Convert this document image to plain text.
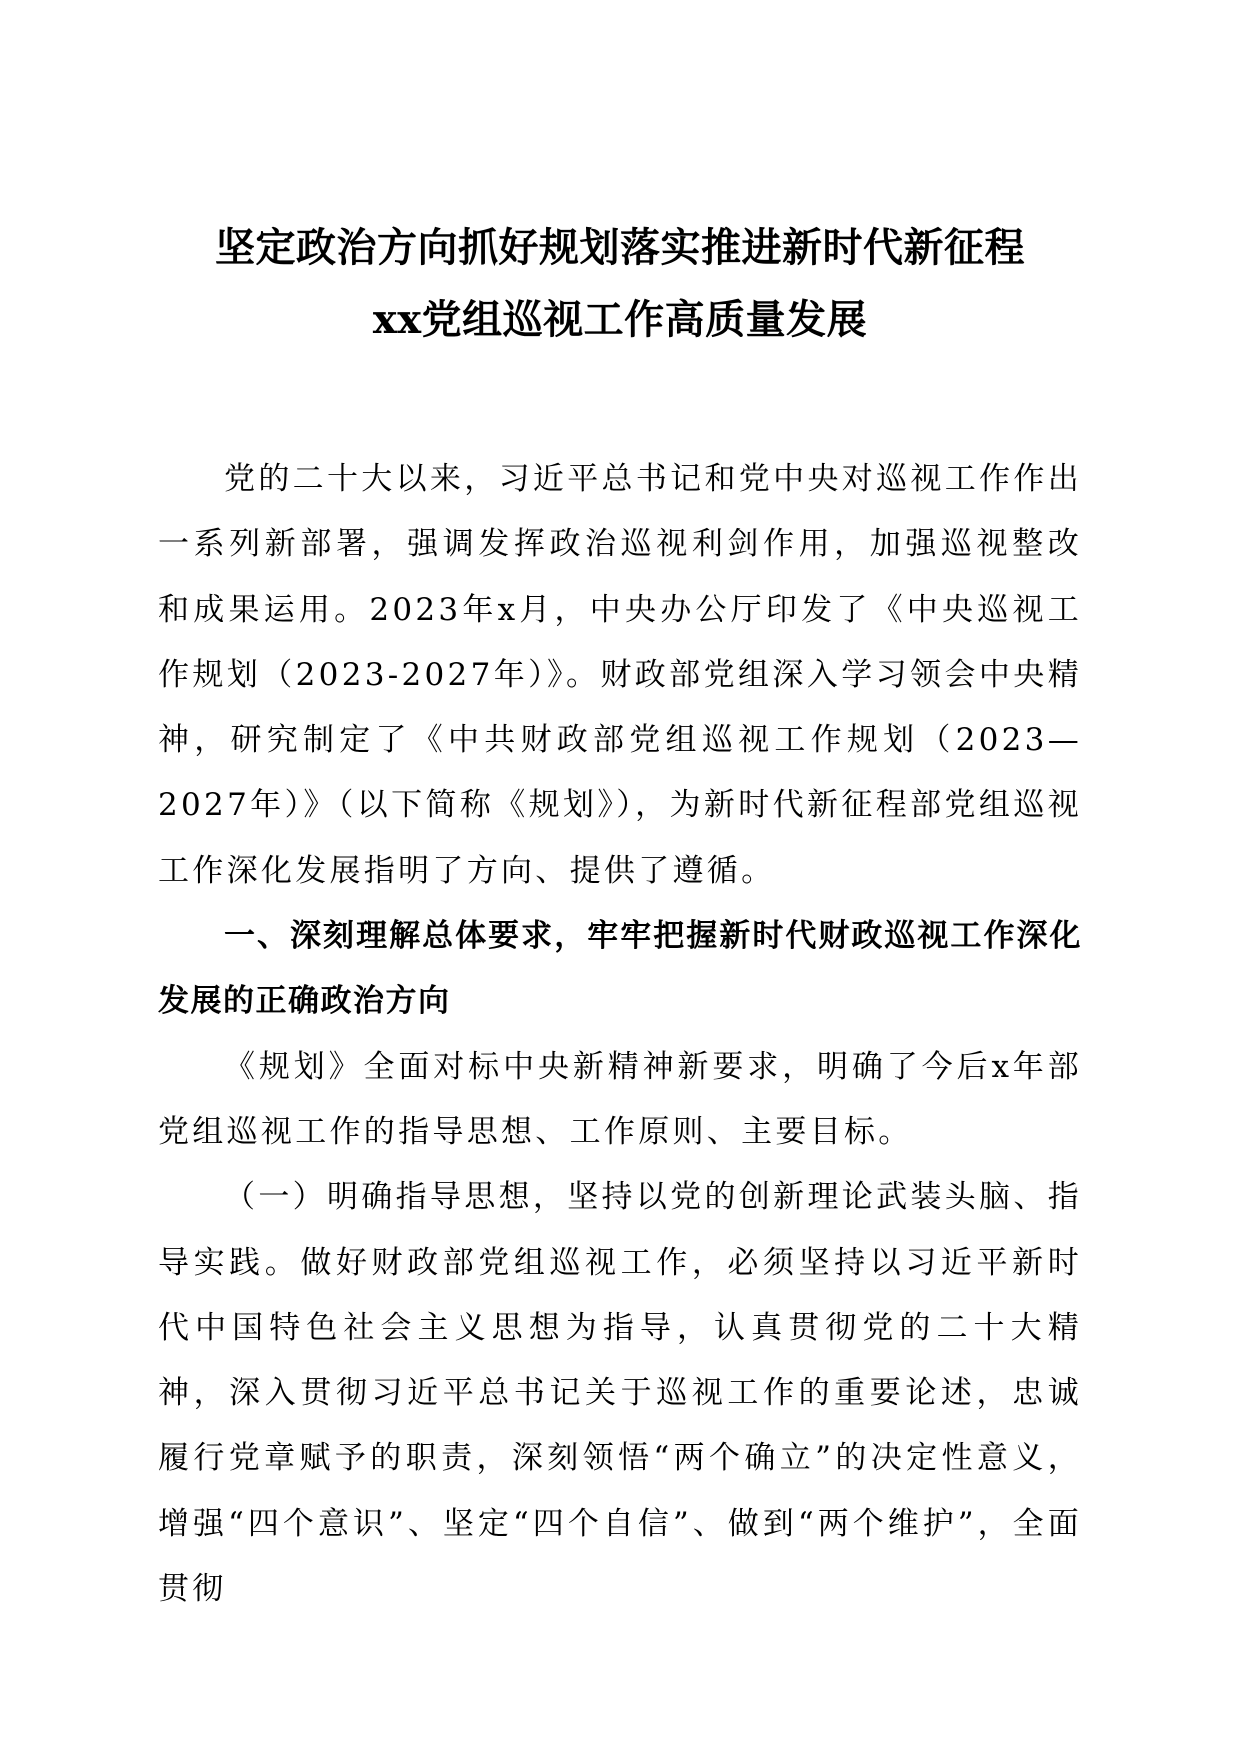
坚定政治方向抓好规划落实推进新时代新征程
xx党组巡视工作高质量发展

党的二十大以来，习近平总书记和党中央对巡视工作作出一系列新部署，强调发挥政治巡视利剑作用，加强巡视整改和成果运用。2023年x月，中央办公厅印发了《中央巡视工作规划（2023-2027年）》。财政部党组深入学习领会中央精神，研究制定了《中共财政部党组巡视工作规划（2023—2027年）》（以下简称《规划》），为新时代新征程部党组巡视工作深化发展指明了方向、提供了遵循。

一、深刻理解总体要求，牢牢把握新时代财政巡视工作深化发展的正确政治方向

《规划》全面对标中央新精神新要求，明确了今后x年部党组巡视工作的指导思想、工作原则、主要目标。

（一）明确指导思想，坚持以党的创新理论武装头脑、指导实践。做好财政部党组巡视工作，必须坚持以习近平新时代中国特色社会主义思想为指导，认真贯彻党的二十大精神，深入贯彻习近平总书记关于巡视工作的重要论述，忠诚履行党章赋予的职责，深刻领悟“两个确立”的决定性意义，增强“四个意识”、坚定“四个自信”、做到“两个维护”，全面贯彻
